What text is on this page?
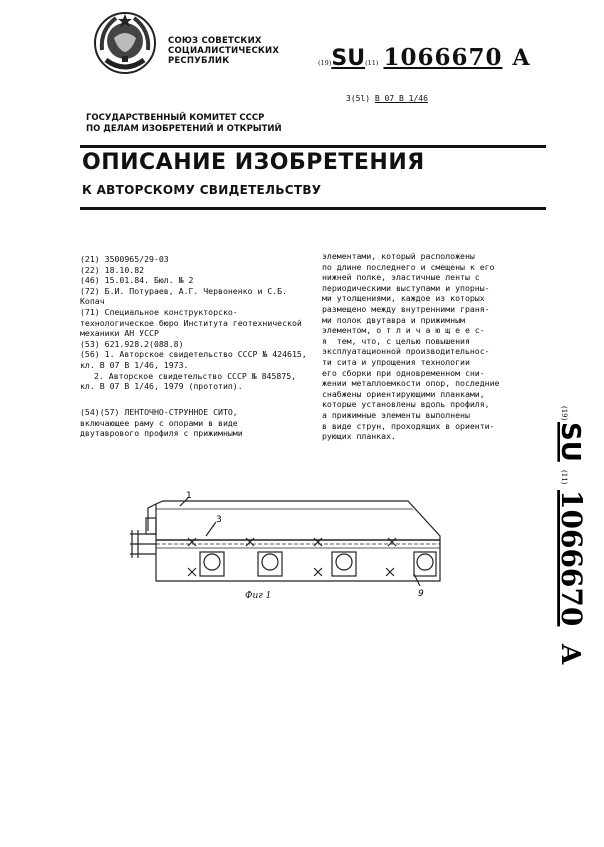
СОЮЗ СОВЕТСКИХ
СОЦИАЛИСТИЧЕСКИХ
РЕСПУБЛИК	(19)SU(11) 1066670 A
3(5l) В 07 В 1/46
ГОСУДАРСТВЕННЫЙ КОМИТЕТ СССР
ПО ДЕЛАМ ИЗОБРЕТЕНИЙ И ОТКРЫТИЙ
ОПИСАНИЕ ИЗОБРЕТЕНИЯ
К АВТОРСКОМУ СВИДЕТЕЛЬСТВУ
(21) 3500965/29-03
(22) 18.10.82
(46) 15.01.84. Бюл. № 2
(72) Б.И. Потураев, А.Г. Червоненко и С.Б. Копач
(71) Специальное конструкторско-технологическое бюро Института геотехнической механики АН УССР
(53) 621.928.2(088.8)
(56) 1. Авторское свидетельство СССР № 424615, кл. В 07 В 1/46, 1973.
2. Авторское свидетельство СССР № 845875, кл. В 07 В 1/46, 1979 (прототип).
(54)(57) ЛЕНТОЧНО-СТРУННОЕ СИТО,
включающее раму с опорами в виде
двутаврового профиля с прижимными
элементами, который расположены
по длине последнего и смещены к его
нижней полке, эластичные ленты с
периодическими выступами и упорны-
ми утолщениями, каждое из которых
размещено между внутренними граня-
ми полок двутавра и прижимным
элементом, о т л и ч а ю щ е е с-
я  тем, что, с целью повышения
эксплуатационной производительнос-
ти сита и упрощения технологии
его сборки при одновременном сни-
жении металлоемкости опор, последние
снабжены ориентирующими планками,
которые установлены вдоль профиля,
а прижимные элементы выполнены
в виде струн, проходящих в ориенти-
рующих планках.
(19)
SU
(11)
1066670
A
1
3
9
Фиг 1
